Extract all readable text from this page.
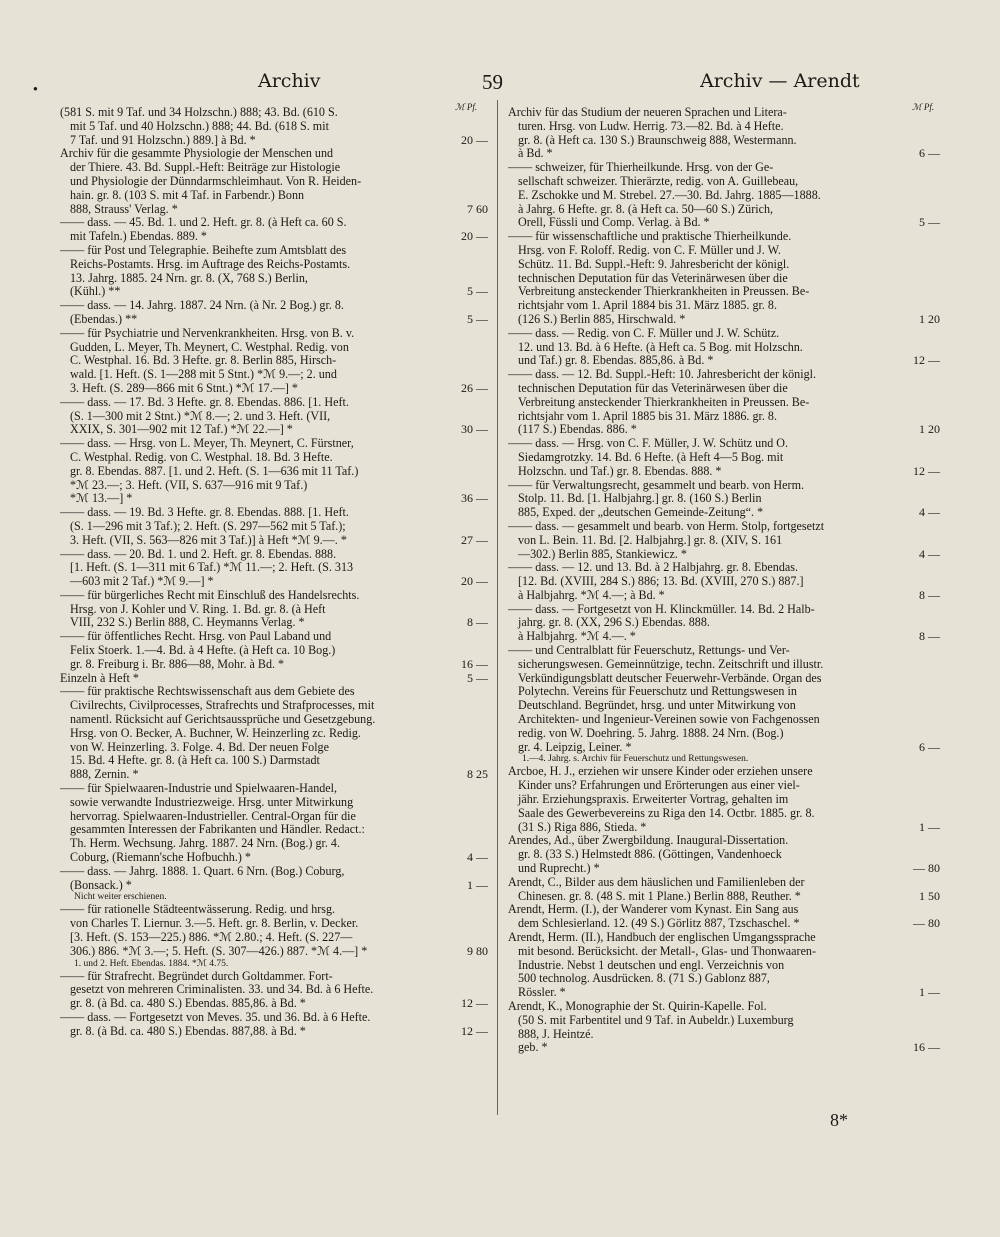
●	Archiv	59	Archiv — Arendt
ℳ Pf.	ℳ Pf.
(581 S. mit 9 Taf. und 34 Holzschn.) 888; 43. Bd. (610 S.
mit 5 Taf. und 40 Holzschn.) 888; 44. Bd. (618 S. mit
7 Taf. und 91 Holzschn.) 889.] à Bd. *	20 —
Archiv für die gesammte Physiologie der Menschen und
der Thiere. 43. Bd. Suppl.-Heft: Beiträge zur Histologie
und Physiologie der Dünndarmschleimhaut. Von R. Heiden-
hain. gr. 8. (103 S. mit 4 Taf. in Farbendr.) Bonn
888, Strauss' Verlag. *	7 60
—— dass. — 45. Bd. 1. und 2. Heft. gr. 8. (à Heft ca. 60 S.
mit Tafeln.) Ebendas. 889. *	20 —
—— für Post und Telegraphie. Beihefte zum Amtsblatt des
Reichs-Postamts. Hrsg. im Auftrage des Reichs-Postamts.
13. Jahrg. 1885. 24 Nrn. gr. 8. (X, 768 S.) Berlin,
(Kühl.) **	5 —
—— dass. — 14. Jahrg. 1887. 24 Nrn. (à Nr. 2 Bog.) gr. 8.
(Ebendas.) **	5 —
—— für Psychiatrie und Nervenkrankheiten. Hrsg. von B. v.
Gudden, L. Meyer, Th. Meynert, C. Westphal. Redig. von
C. Westphal. 16. Bd. 3 Hefte. gr. 8. Berlin 885, Hirsch-
wald. [1. Heft. (S. 1—288 mit 5 Stnt.) *ℳ 9.—; 2. und
3. Heft. (S. 289—866 mit 6 Stnt.) *ℳ 17.—] *	26 —
—— dass. — 17. Bd. 3 Hefte. gr. 8. Ebendas. 886. [1. Heft.
(S. 1—300 mit 2 Stnt.) *ℳ 8.—; 2. und 3. Heft. (VII,
XXIX, S. 301—902 mit 12 Taf.) *ℳ 22.—] *	30 —
—— dass. — Hrsg. von L. Meyer, Th. Meynert, C. Fürstner,
C. Westphal. Redig. von C. Westphal. 18. Bd. 3 Hefte.
gr. 8. Ebendas. 887. [1. und 2. Heft. (S. 1—636 mit 11 Taf.)
*ℳ 23.—; 3. Heft. (VII, S. 637—916 mit 9 Taf.)
*ℳ 13.—] *	36 —
—— dass. — 19. Bd. 3 Hefte. gr. 8. Ebendas. 888. [1. Heft.
(S. 1—296 mit 3 Taf.); 2. Heft. (S. 297—562 mit 5 Taf.);
3. Heft. (VII, S. 563—826 mit 3 Taf.)] à Heft *ℳ 9.—. *	27 —
—— dass. — 20. Bd. 1. und 2. Heft. gr. 8. Ebendas. 888.
[1. Heft. (S. 1—311 mit 6 Taf.) *ℳ 11.—; 2. Heft. (S. 313
—603 mit 2 Taf.) *ℳ 9.—] *	20 —
—— für bürgerliches Recht mit Einschluß des Handelsrechts.
Hrsg. von J. Kohler und V. Ring. 1. Bd. gr. 8. (à Heft
VIII, 232 S.) Berlin 888, C. Heymanns Verlag. *	8 —
—— für öffentliches Recht. Hrsg. von Paul Laband und
Felix Stoerk. 1.—4. Bd. à 4 Hefte. (à Heft ca. 10 Bog.)
gr. 8. Freiburg i. Br. 886—88, Mohr. à Bd. *	16 —
Einzeln à Heft *	5 —
—— für praktische Rechtswissenschaft aus dem Gebiete des
Civilrechts, Civilprocesses, Strafrechts und Strafprocesses, mit
namentl. Rücksicht auf Gerichtsaussprüche und Gesetzgebung.
Hrsg. von O. Becker, A. Buchner, W. Heinzerling zc. Redig.
von W. Heinzerling. 3. Folge. 4. Bd. Der neuen Folge
15. Bd. 4 Hefte. gr. 8. (à Heft ca. 100 S.) Darmstadt
888, Zernin. *	8 25
—— für Spielwaaren-Industrie und Spielwaaren-Handel,
sowie verwandte Industriezweige. Hrsg. unter Mitwirkung
hervorrag. Spielwaaren-Industrieller. Central-Organ für die
gesammten Interessen der Fabrikanten und Händler. Redact.:
Th. Herm. Wechsung. Jahrg. 1887. 24 Nrn. (Bog.) gr. 4.
Coburg, (Riemann'sche Hofbuchh.) *	4 —
—— dass. — Jahrg. 1888. 1. Quart. 6 Nrn. (Bog.) Coburg,
(Bonsack.) *	1 —
Nicht weiter erschienen.
—— für rationelle Städteentwässerung. Redig. und hrsg.
von Charles T. Liernur. 3.—5. Heft. gr. 8. Berlin, v. Decker.
[3. Heft. (S. 153—225.) 886. *ℳ 2.80.; 4. Heft. (S. 227—
306.) 886. *ℳ 3.—; 5. Heft. (S. 307—426.) 887. *ℳ 4.—] *	9 80
1. und 2. Heft. Ebendas. 1884. *ℳ 4.75.
—— für Strafrecht. Begründet durch Goltdammer. Fort-
gesetzt von mehreren Criminalisten. 33. und 34. Bd. à 6 Hefte.
gr. 8. (à Bd. ca. 480 S.) Ebendas. 885,86. à Bd. *	12 —
—— dass. — Fortgesetzt von Meves. 35. und 36. Bd. à 6 Hefte.
gr. 8. (à Bd. ca. 480 S.) Ebendas. 887,88. à Bd. *	12 —
Archiv für das Studium der neueren Sprachen und Litera-
turen. Hrsg. von Ludw. Herrig. 73.—82. Bd. à 4 Hefte.
gr. 8. (à Heft ca. 130 S.) Braunschweig 888, Westermann.
à Bd. *	6 —
—— schweizer, für Thierheilkunde. Hrsg. von der Ge-
sellschaft schweizer. Thierärzte, redig. von A. Guillebeau,
E. Zschokke und M. Strebel. 27.—30. Bd. Jahrg. 1885—1888.
à Jahrg. 6 Hefte. gr. 8. (à Heft ca. 50—60 S.) Zürich,
Orell, Füssli und Comp. Verlag. à Bd. *	5 —
—— für wissenschaftliche und praktische Thierheilkunde.
Hrsg. von F. Roloff. Redig. von C. F. Müller und J. W.
Schütz. 11. Bd. Suppl.-Heft: 9. Jahresbericht der königl.
technischen Deputation für das Veterinärwesen über die
Verbreitung ansteckender Thierkrankheiten in Preussen. Be-
richtsjahr vom 1. April 1884 bis 31. März 1885. gr. 8.
(126 S.) Berlin 885, Hirschwald. *	1 20
—— dass. — Redig. von C. F. Müller und J. W. Schütz.
12. und 13. Bd. à 6 Hefte. (à Heft ca. 5 Bog. mit Holzschn.
und Taf.) gr. 8. Ebendas. 885,86. à Bd. *	12 —
—— dass. — 12. Bd. Suppl.-Heft: 10. Jahresbericht der königl.
technischen Deputation für das Veterinärwesen über die
Verbreitung ansteckender Thierkrankheiten in Preussen. Be-
richtsjahr vom 1. April 1885 bis 31. März 1886. gr. 8.
(117 S.) Ebendas. 886. *	1 20
—— dass. — Hrsg. von C. F. Müller, J. W. Schütz und O.
Siedamgrotzky. 14. Bd. 6 Hefte. (à Heft 4—5 Bog. mit
Holzschn. und Taf.) gr. 8. Ebendas. 888. *	12 —
—— für Verwaltungsrecht, gesammelt und bearb. von Herm.
Stolp. 11. Bd. [1. Halbjahrg.] gr. 8. (160 S.) Berlin
885, Exped. der „deutschen Gemeinde-Zeitung“. *	4 —
—— dass. — gesammelt und bearb. von Herm. Stolp, fortgesetzt
von L. Bein. 11. Bd. [2. Halbjahrg.] gr. 8. (XIV, S. 161
—302.) Berlin 885, Stankiewicz. *	4 —
—— dass. — 12. und 13. Bd. à 2 Halbjahrg. gr. 8. Ebendas.
[12. Bd. (XVIII, 284 S.) 886; 13. Bd. (XVIII, 270 S.) 887.]
à Halbjahrg. *ℳ 4.—; à Bd. *	8 —
—— dass. — Fortgesetzt von H. Klinckmüller. 14. Bd. 2 Halb-
jahrg. gr. 8. (XX, 296 S.) Ebendas. 888.
à Halbjahrg. *ℳ 4.—. *	8 —
—— und Centralblatt für Feuerschutz, Rettungs- und Ver-
sicherungswesen. Gemeinnützige, techn. Zeitschrift und illustr.
Verkündigungsblatt deutscher Feuerwehr-Verbände. Organ des
Polytechn. Vereins für Feuerschutz und Rettungswesen in
Deutschland. Begründet, hrsg. und unter Mitwirkung von
Architekten- und Ingenieur-Vereinen sowie von Fachgenossen
redig. von W. Doehring. 5. Jahrg. 1888. 24 Nrn. (Bog.)
gr. 4. Leipzig, Leiner. *	6 —
1.—4. Jahrg. s. Archiv für Feuerschutz und Rettungswesen.
Arcboe, H. J., erziehen wir unsere Kinder oder erziehen unsere
Kinder uns? Erfahrungen und Erörterungen aus einer viel-
jähr. Erziehungspraxis. Erweiterter Vortrag, gehalten im
Saale des Gewerbevereins zu Riga den 14. Octbr. 1885. gr. 8.
(31 S.) Riga 886, Stieda. *	1 —
Arendes, Ad., über Zwergbildung. Inaugural-Dissertation.
gr. 8. (33 S.) Helmstedt 886. (Göttingen, Vandenhoeck
und Ruprecht.) *	— 80
Arendt, C., Bilder aus dem häuslichen und Familienleben der
Chinesen. gr. 8. (48 S. mit 1 Plane.) Berlin 888, Reuther. *	1 50
Arendt, Herm. (I.), der Wanderer vom Kynast. Ein Sang aus
dem Schlesierland. 12. (49 S.) Görlitz 887, Tzschaschel. *	— 80
Arendt, Herm. (II.), Handbuch der englischen Umgangssprache
mit besond. Berücksicht. der Metall-, Glas- und Thonwaaren-
Industrie. Nebst 1 deutschen und engl. Verzeichnis von
500 technolog. Ausdrücken. 8. (71 S.) Gablonz 887,
Rössler. *	1 —
Arendt, K., Monographie der St. Quirin-Kapelle. Fol.
(50 S. mit Farbentitel und 9 Taf. in Aubeldr.) Luxemburg
888, J. Heintzé.
geb. *	16 —
8*
